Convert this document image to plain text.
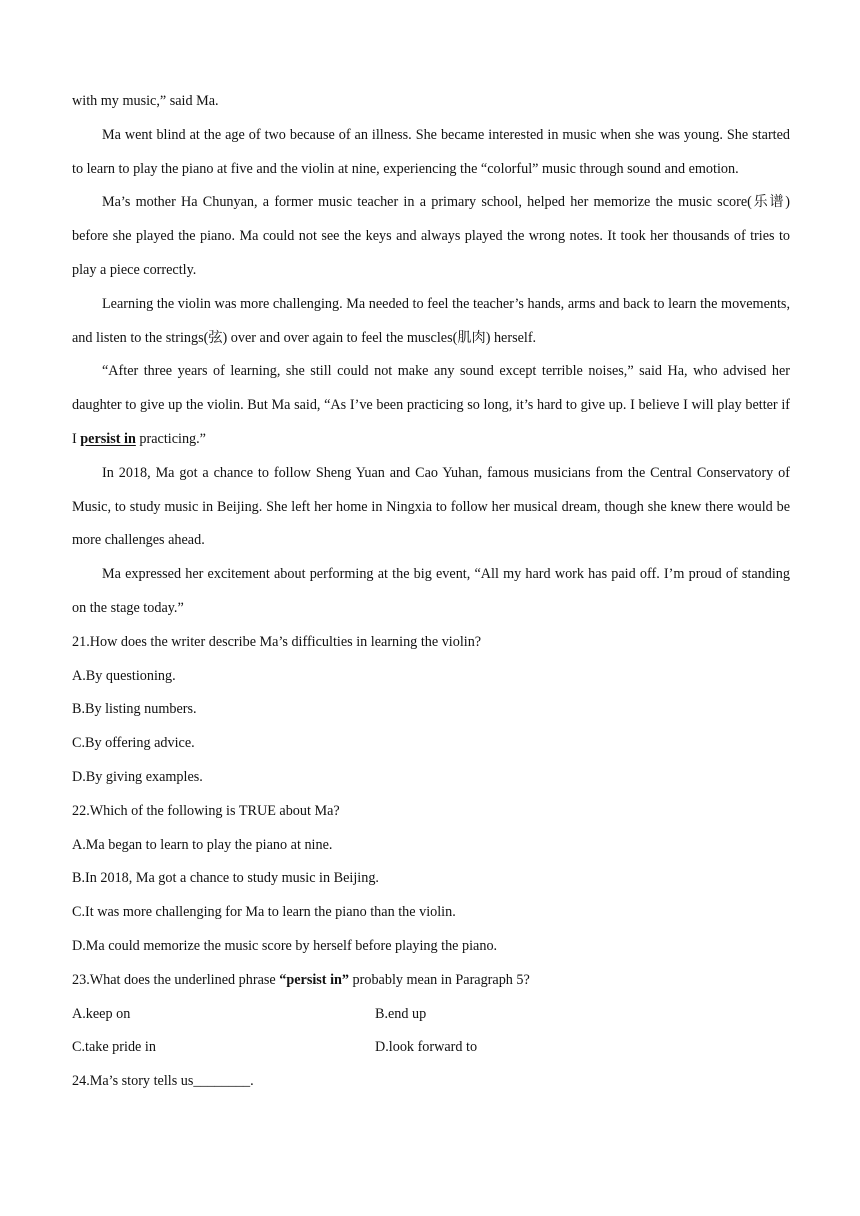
with my music,” said Ma.

Ma went blind at the age of two because of an illness. She became interested in music when she was young. She started to learn to play the piano at five and the violin at nine, experiencing the “colorful” music through sound and emotion.

Ma’s mother Ha Chunyan, a former music teacher in a primary school, helped her memorize the music score(乐谱) before she played the piano. Ma could not see the keys and always played the wrong notes. It took her thousands of tries to play a piece correctly.

Learning the violin was more challenging. Ma needed to feel the teacher’s hands, arms and back to learn the movements, and listen to the strings(弦) over and over again to feel the muscles(肌肉) herself.

“After three years of learning, she still could not make any sound except terrible noises,” said Ha, who advised her daughter to give up the violin. But Ma said, “As I’ve been practicing so long, it’s hard to give up. I believe I will play better if I persist in practicing.”

In 2018, Ma got a chance to follow Sheng Yuan and Cao Yuhan, famous musicians from the Central Conservatory of Music, to study music in Beijing. She left her home in Ningxia to follow her musical dream, though she knew there would be more challenges ahead.

Ma expressed her excitement about performing at the big event, “All my hard work has paid off. I’m proud of standing on the stage today.”

21.How does the writer describe Ma’s difficulties in learning the violin?

A.By questioning.

B.By listing numbers.

C.By offering advice.

D.By giving examples.

22.Which of the following is TRUE about Ma?

A.Ma began to learn to play the piano at nine.

B.In 2018, Ma got a chance to study music in Beijing.

C.It was more challenging for Ma to learn the piano than the violin.

D.Ma could memorize the music score by herself before playing the piano.

23.What does the underlined phrase “persist in” probably mean in Paragraph 5?

A.keep on	B.end up
C.take pride in	D.look forward to

24.Ma’s story tells us________.
